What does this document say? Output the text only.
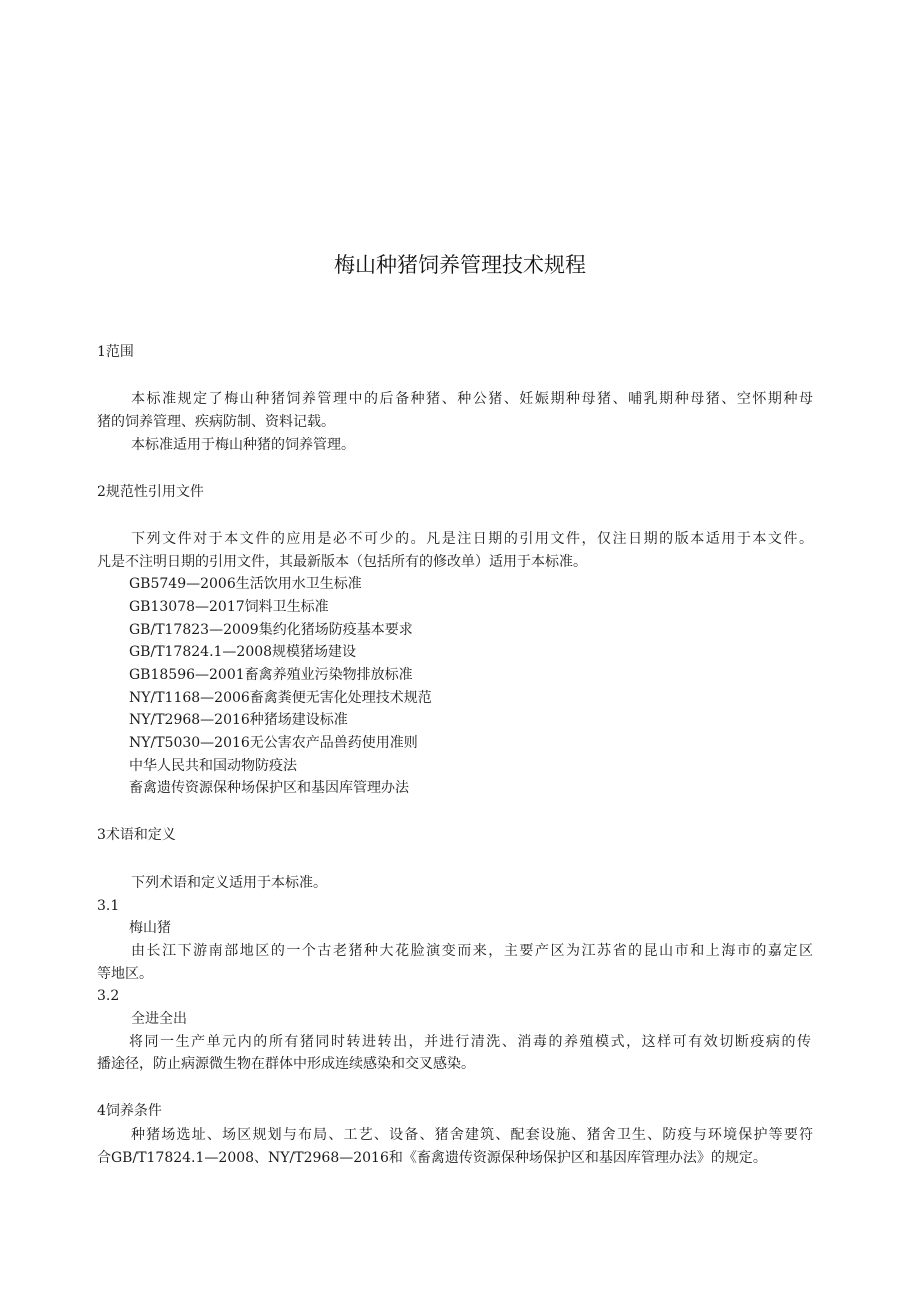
梅山种猪饲养管理技术规程
1范围
本标准规定了梅山种猪饲养管理中的后备种猪、种公猪、妊娠期种母猪、哺乳期种母猪、空怀期种母
猪的饲养管理、疾病防制、资料记载。
本标准适用于梅山种猪的饲养管理。
2规范性引用文件
下列文件对于本文件的应用是必不可少的。凡是注日期的引用文件，仅注日期的版本适用于本文件。
凡是不注明日期的引用文件，其最新版本（包括所有的修改单）适用于本标准。
GB5749—2006生活饮用水卫生标准
GB13078—2017饲料卫生标准
GB/T17823—2009集约化猪场防疫基本要求
GB/T17824.1—2008规模猪场建设
GB18596—2001畜禽养殖业污染物排放标准
NY/T1168—2006畜禽粪便无害化处理技术规范
NY/T2968—2016种猪场建设标准
NY/T5030—2016无公害农产品兽药使用准则
中华人民共和国动物防疫法
畜禽遗传资源保种场保护区和基因库管理办法
3术语和定义
下列术语和定义适用于本标准。
3.1
梅山猪
由长江下游南部地区的一个古老猪种大花脸演变而来，主要产区为江苏省的昆山市和上海市的嘉定区
等地区。
3.2
全进全出
将同一生产单元内的所有猪同时转进转出，并进行清洗、消毒的养殖模式，这样可有效切断疫病的传
播途径，防止病源微生物在群体中形成连续感染和交叉感染。
4饲养条件
种猪场选址、场区规划与布局、工艺、设备、猪舍建筑、配套设施、猪舍卫生、防疫与环境保护等要符
合GB/T17824.1—2008、NY/T2968—2016和《畜禽遗传资源保种场保护区和基因库管理办法》的规定。
